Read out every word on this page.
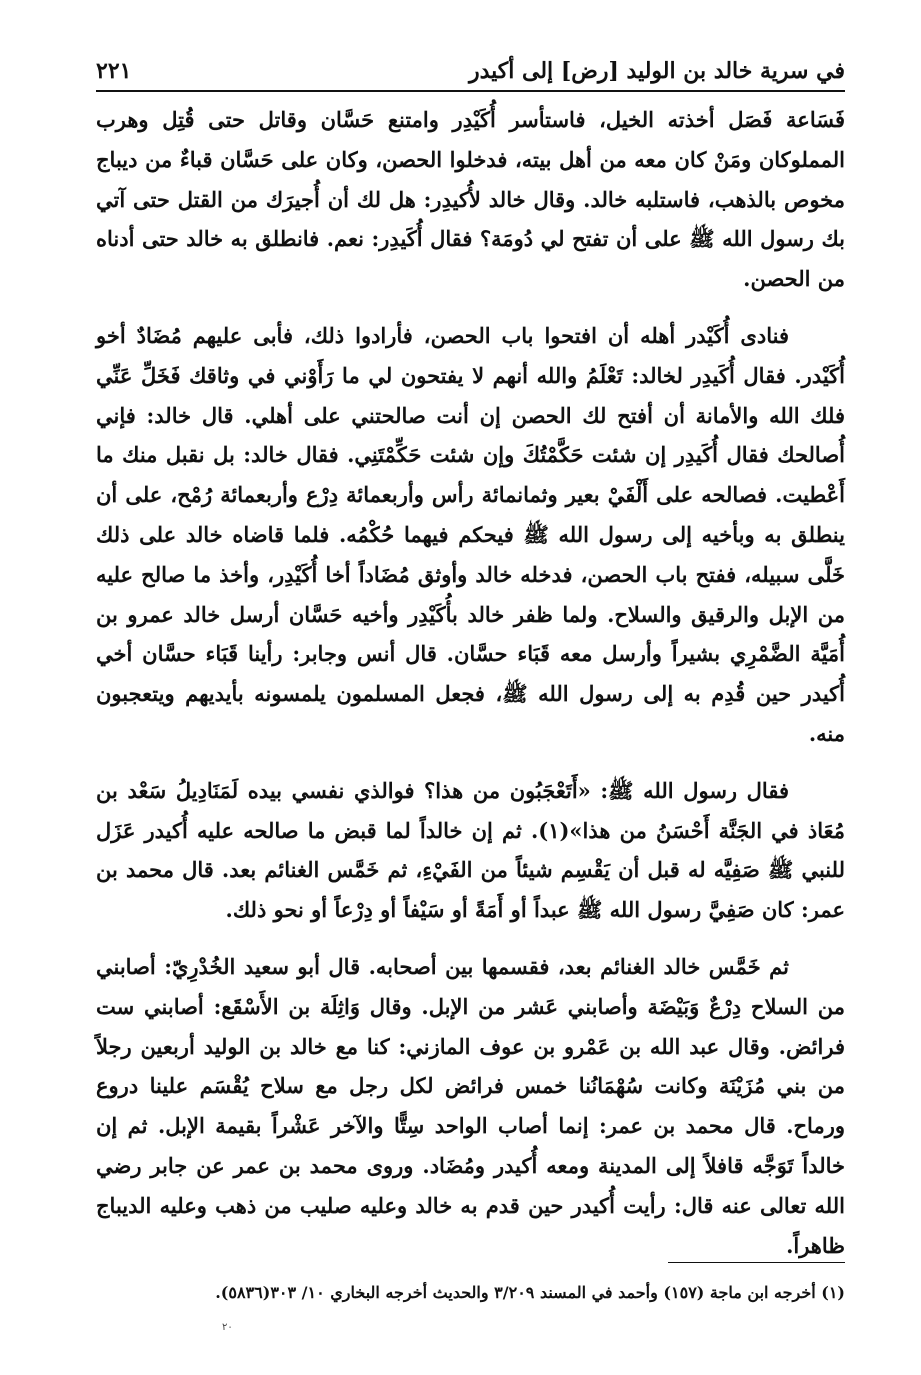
في سرية خالد بن الوليد [رض] إلى أكيدر
٢٢١

فَسَاعة فَصَل أخذته الخيل، فاستأسر أُكَيْدِر وامتنع حَسَّان وقاتل حتى قُتِل وهرب المملوكان ومَنْ كان معه من أهل بيته، فدخلوا الحصن، وكان على حَسَّان قباءٌ من ديباج مخوص بالذهب، فاستلبه خالد. وقال خالد لأُكيدِر: هل لك أن أُجيرَك من القتل حتى آتي بك رسول الله ﷺ على أن تفتح لي دُومَة؟ فقال أُكَيدِر: نعم. فانطلق به خالد حتى أدناه من الحصن.

فنادى أُكَيْدر أهله أن افتحوا باب الحصن، فأرادوا ذلك، فأبى عليهم مُضَادٌ أخو أُكَيْدر. فقال أُكَيدِر لخالد: تَعْلَمُ والله أنهم لا يفتحون لي ما رَأَوْني في وثاقك فَخَلِّ عَنِّي فلك الله والأمانة أن أفتح لك الحصن إن أنت صالحتني على أهلي. قال خالد: فإني أُصالحك فقال أُكَيدِر إن شئت حَكَّمْتُكَ وإن شئت حَكِّمْتَنِي. فقال خالد: بل نقبل منك ما أَعْطيت. فصالحه على أَلْفَيْ بعير وثمانمائة رأس وأربعمائة دِرْع وأربعمائة رُمْح، على أن ينطلق به وبأخيه إلى رسول الله ﷺ فيحكم فيهما حُكْمُه. فلما قاضاه خالد على ذلك خَلَّى سبيله، ففتح باب الحصن، فدخله خالد وأوثق مُضَاداً أخا أُكَيْدِر، وأخذ ما صالح عليه من الإبل والرقيق والسلاح. ولما ظفر خالد بأُكَيْدِر وأخيه حَسَّان أرسل خالد عمرو بن أُمَيَّة الضَّمْرِي بشيراً وأرسل معه قَبَاء حسَّان. قال أنس وجابر: رأينا قَبَاء حسَّان أخي أُكيدر حين قُدِم به إلى رسول الله ﷺ، فجعل المسلمون يلمسونه بأيديهم ويتعجبون منه.

فقال رسول الله ﷺ: «أَتَعْجَبُون من هذا؟ فوالذي نفسي بيده لَمَنَادِيلُ سَعْد بن مُعَاذ في الجَنَّة أَحْسَنُ من هذا»(١). ثم إن خالداً لما قبض ما صالحه عليه أُكيدر عَزَل للنبي ﷺ صَفِيَّه له قبل أن يَقْسِم شيئاً من الفَيْءِ، ثم خَمَّس الغنائم بعد. قال محمد بن عمر: كان صَفِيَّ رسول الله ﷺ عبداً أو أَمَةً أو سَيْفاً أو دِرْعاً أو نحو ذلك.

ثم خَمَّس خالد الغنائم بعد، فقسمها بين أصحابه. قال أبو سعيد الخُدْرِيّ: أصابني من السلاح دِرْعٌ وَبَيْضَة وأصابني عَشر من الإبل. وقال وَاثِلَة بن الأَسْقَع: أصابني ست فرائض. وقال عبد الله بن عَمْرو بن عوف المازني: كنا مع خالد بن الوليد أربعين رجلاً من بني مُزَيْنَة وكانت سُهْمَانُنا خمس فرائض لكل رجل مع سلاح يُقْسَم علينا دروع ورماح. قال محمد بن عمر: إنما أصاب الواحد سِتًّا والآخر عَشْراً بقيمة الإبل. ثم إن خالداً تَوَجَّه قافلاً إلى المدينة ومعه أُكيدر ومُضَاد. وروى محمد بن عمر عن جابر رضي الله تعالى عنه قال: رأيت أُكيدر حين قدم به خالد وعليه صليب من ذهب وعليه الديباج ظاهراً.

(١) أخرجه ابن ماجة (١٥٧) وأحمد في المسند ٣/٢٠٩ والحديث أخرجه البخاري ١٠/ ٣٠٣(٥٨٣٦).
٢٠
